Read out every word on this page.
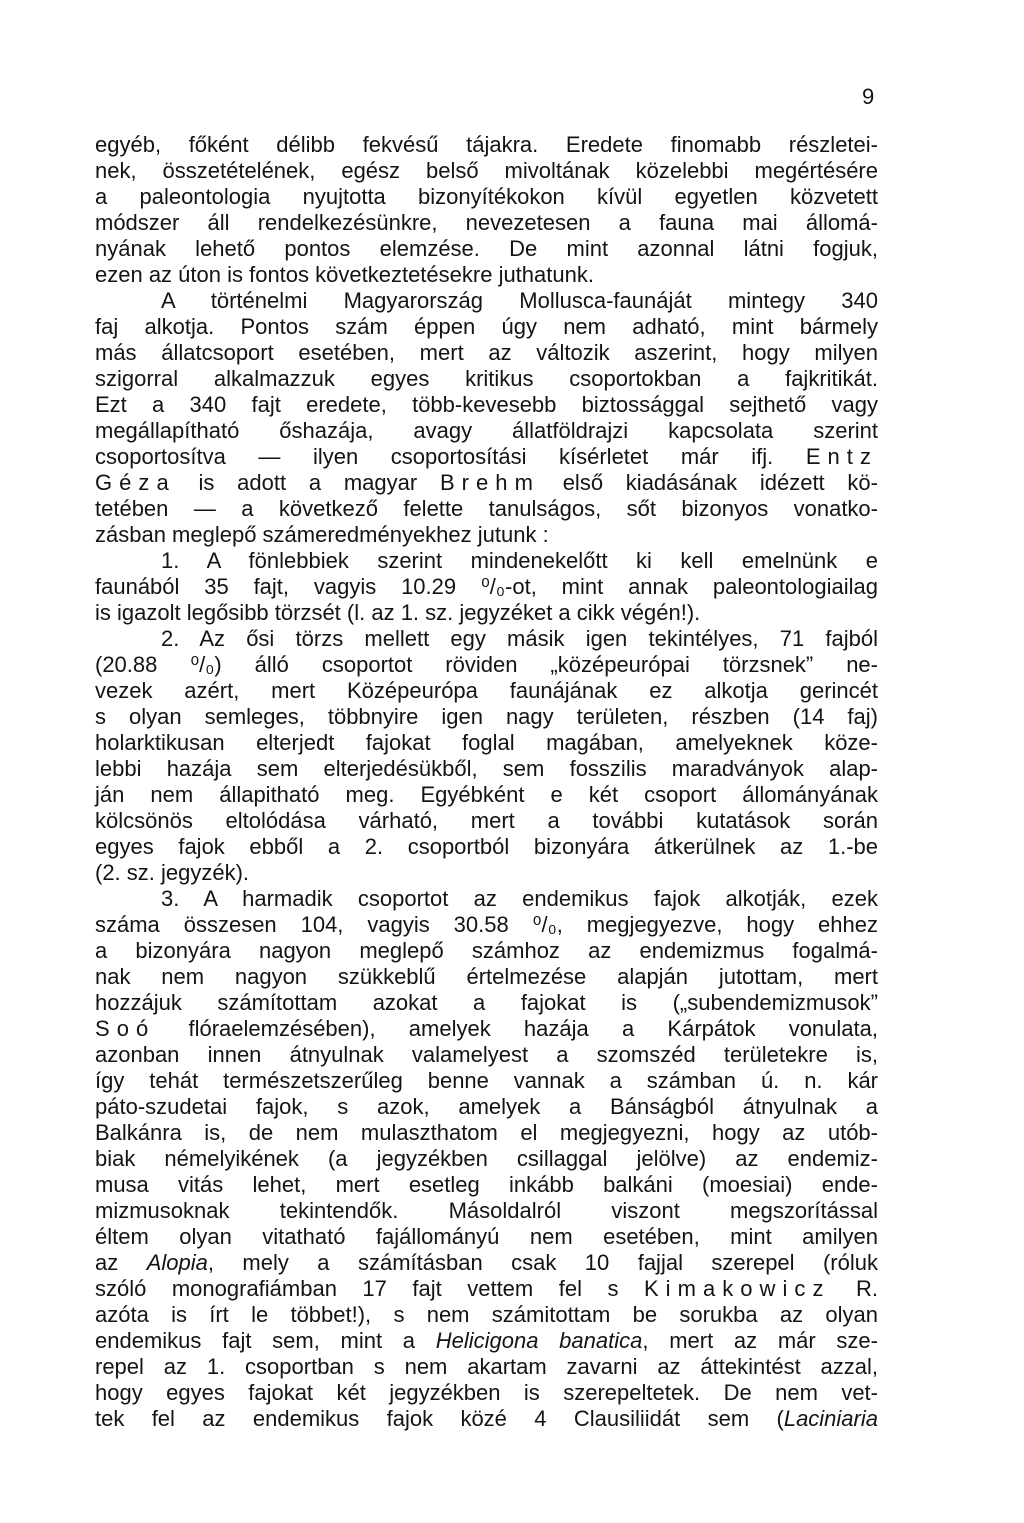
9
egyéb, főként délibb fekvésű tájakra. Eredete finomabb részletei-
nek, összetételének, egész belső mivoltának közelebbi megértésére
a paleontologia nyujtotta bizonyítékokon kívül egyetlen közvetett
módszer áll rendelkezésünkre, nevezetesen a fauna mai állomá-
nyának lehető pontos elemzése. De mint azonnal látni fogjuk,
ezen az úton is fontos következtetésekre juthatunk.
A történelmi Magyarország Mollusca-faunáját mintegy 340
faj alkotja. Pontos szám éppen úgy nem adható, mint bármely
más állatcsoport esetében, mert az változik aszerint, hogy milyen
szigorral alkalmazzuk egyes kritikus csoportokban a fajkritikát.
Ezt a 340 fajt eredete, több-kevesebb biztossággal sejthető vagy
megállapítható őshazája, avagy állatföldrajzi kapcsolata szerint
csoportosítva — ilyen csoportosítási kísérletet már ifj. Entz
Géza is adott a magyar Brehm első kiadásának idézett kö-
tetében — a következő felette tanulságos, sőt bizonyos vonatko-
zásban meglepő számeredményekhez jutunk :
1. A fönlebbiek szerint mindenekelőtt ki kell emelnünk e
faunából 35 fajt, vagyis 10.29 ⁰/₀-ot, mint annak paleontologiailag
is igazolt legősibb törzsét (l. az 1. sz. jegyzéket a cikk végén!).
2. Az ősi törzs mellett egy másik igen tekintélyes, 71 fajból
(20.88 ⁰/₀) álló csoportot röviden „középeurópai törzsnek” ne-
vezek azért, mert Középeurópa faunájának ez alkotja gerincét
s olyan semleges, többnyire igen nagy területen, részben (14 faj)
holarktikusan elterjedt fajokat foglal magában, amelyeknek köze-
lebbi hazája sem elterjedésükből, sem fosszilis maradványok alap-
ján nem állapitható meg. Egyébként e két csoport állományának
kölcsönös eltolódása várható, mert a további kutatások során
egyes fajok ebből a 2. csoportból bizonyára átkerülnek az 1.-be
(2. sz. jegyzék).
3. A harmadik csoportot az endemikus fajok alkotják, ezek
száma összesen 104, vagyis 30.58 ⁰/₀, megjegyezve, hogy ehhez
a bizonyára nagyon meglepő számhoz az endemizmus fogalmá-
nak nem nagyon szükkeblű értelmezése alapján jutottam, mert
hozzájuk számítottam azokat a fajokat is („subendemizmusok”
Soó flóraelemzésében), amelyek hazája a Kárpátok vonulata,
azonban innen átnyulnak valamelyest a szomszéd területekre is,
így tehát természetszerűleg benne vannak a számban ú. n. kár
páto-szudetai fajok, s azok, amelyek a Bánságból átnyulnak a
Balkánra is, de nem mulaszthatom el megjegyezni, hogy az utób-
biak némelyikének (a jegyzékben csillaggal jelölve) az endemiz-
musa vitás lehet, mert esetleg inkább balkáni (moesiai) ende-
mizmusoknak tekintendők. Másoldalról viszont megszorítással
éltem olyan vitatható fajállományú nem esetében, mint amilyen
az Alopia, mely a számításban csak 10 fajjal szerepel (róluk
szóló monografiámban 17 fajt vettem fel s Kimakowicz R.
azóta is írt le többet!), s nem számitottam be sorukba az olyan
endemikus fajt sem, mint a Helicigona banatica, mert az már sze-
repel az 1. csoportban s nem akartam zavarni az áttekintést azzal,
hogy egyes fajokat két jegyzékben is szerepeltetek. De nem vet-
tek fel az endemikus fajok közé 4 Clausiliidát sem (Laciniaria
